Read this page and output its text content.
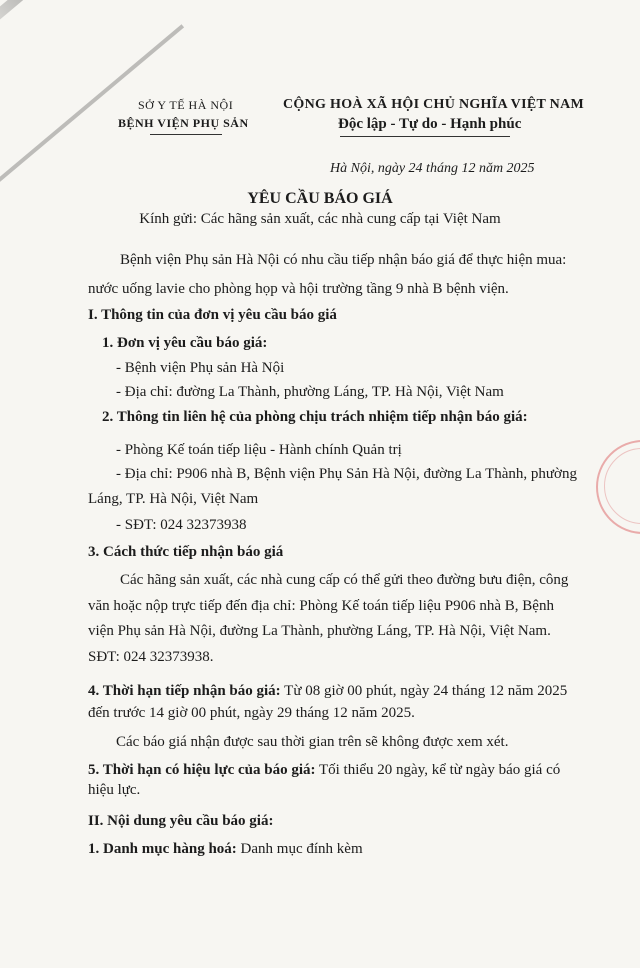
SỞ Y TẾ HÀ NỘI
BỆNH VIỆN PHỤ SẢN
CỘNG HOÀ XÃ HỘI CHỦ NGHĨA VIỆT NAM
Độc lập - Tự do - Hạnh phúc
Hà Nội, ngày 24 tháng 12 năm 2025
YÊU CẦU BÁO GIÁ
Kính gửi: Các hãng sản xuất, các nhà cung cấp tại Việt Nam
Bệnh viện Phụ sản Hà Nội có nhu cầu tiếp nhận báo giá để thực hiện mua:
nước uống lavie cho phòng họp và hội trường tầng 9 nhà B bệnh viện.
I. Thông tin của đơn vị yêu cầu báo giá
1. Đơn vị yêu cầu báo giá:
- Bệnh viện Phụ sản Hà Nội
- Địa chỉ: đường La Thành, phường Láng, TP. Hà Nội, Việt Nam
2. Thông tin liên hệ của phòng chịu trách nhiệm tiếp nhận báo giá:
- Phòng Kế toán tiếp liệu - Hành chính Quản trị
- Địa chỉ: P906 nhà B, Bệnh viện Phụ Sản Hà Nội, đường La Thành, phường
Láng, TP. Hà Nội, Việt Nam
- SĐT: 024 32373938
3. Cách thức tiếp nhận báo giá
Các hãng sản xuất, các nhà cung cấp có thể gửi theo đường bưu điện, công
văn hoặc nộp trực tiếp đến địa chỉ: Phòng Kế toán tiếp liệu P906 nhà B, Bệnh
viện Phụ sản Hà Nội, đường La Thành, phường Láng, TP. Hà Nội, Việt Nam.
SĐT: 024 32373938.
4. Thời hạn tiếp nhận báo giá: Từ 08 giờ 00 phút, ngày 24 tháng 12 năm 2025
đến trước 14 giờ 00 phút, ngày 29 tháng 12 năm 2025.
Các báo giá nhận được sau thời gian trên sẽ không được xem xét.
5. Thời hạn có hiệu lực của báo giá: Tối thiểu 20 ngày, kể từ ngày báo giá có
hiệu lực.
II. Nội dung yêu cầu báo giá:
1. Danh mục hàng hoá: Danh mục đính kèm
